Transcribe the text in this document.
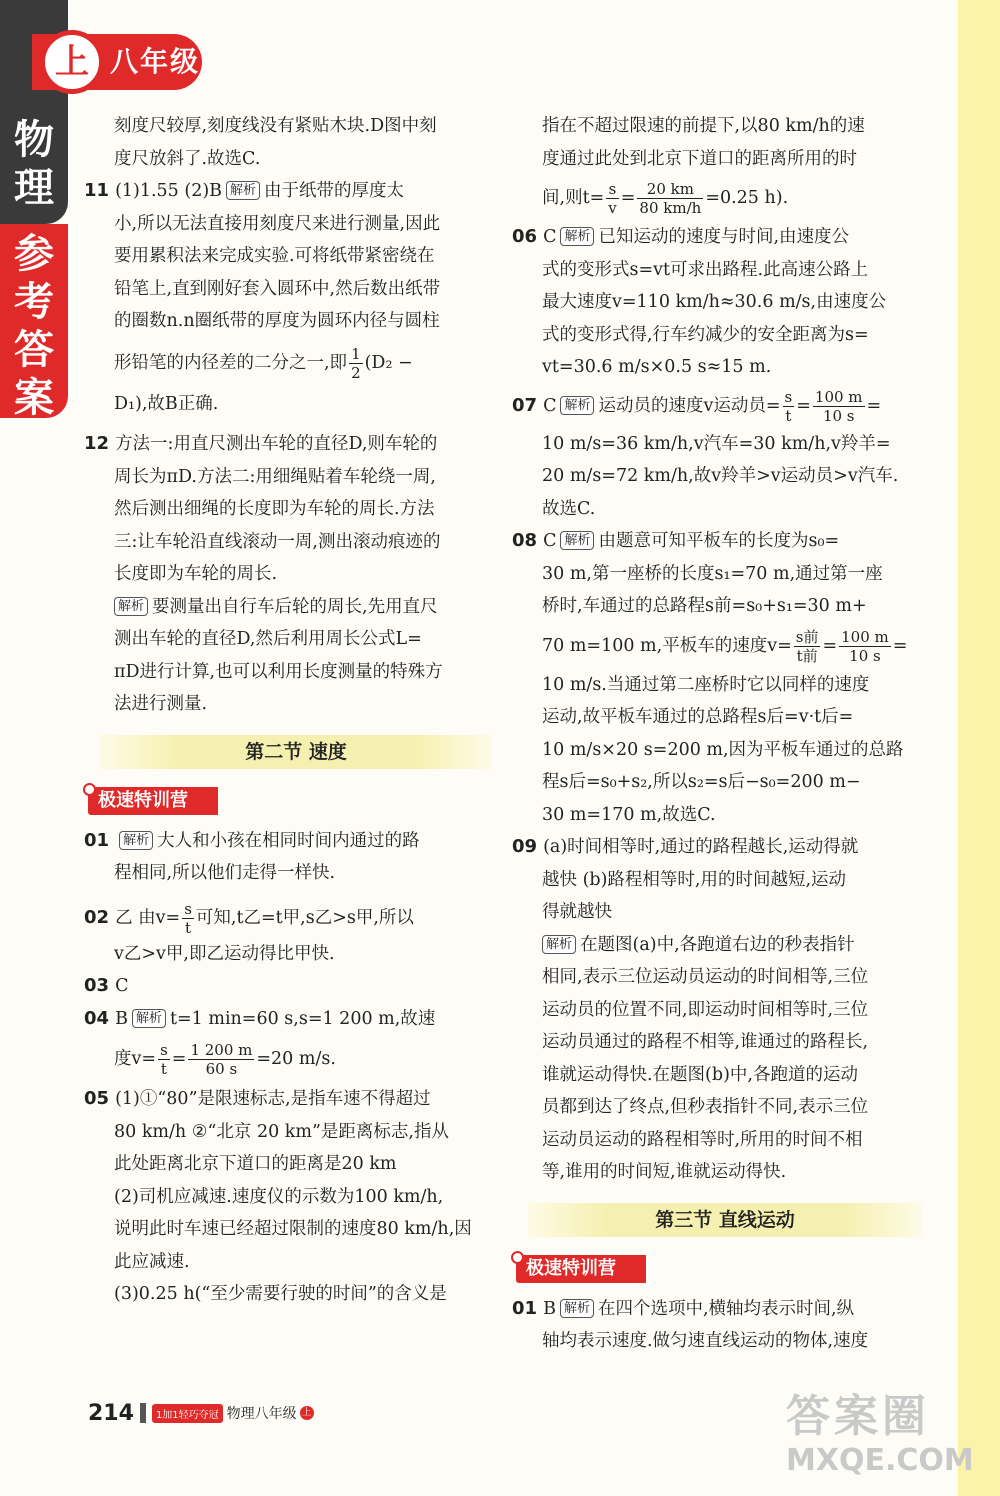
物
理
参
考
答
案
上 八年级

刻度尺较厚,刻度线没有紧贴木块.D图中刻

度尺放斜了.故选C.

11 (1)1.55 (2)B 解析 由于纸带的厚度太

小,所以无法直接用刻度尺来进行测量,因此

要用累积法来完成实验.可将纸带紧密绕在

铅笔上,直到刚好套入圆环中,然后数出纸带

的圈数n.n圈纸带的厚度为圆环内径与圆柱

形铅笔的内径差的二分之一,即 $\frac{1}{2} (D_2$ −

D₁),故B正确.

12 方法一:用直尺测出车轮的直径D,则车轮的

周长为πD.方法二:用细绳贴着车轮绕一周,

然后测出细绳的长度即为车轮的周长.方法

三:让车轮沿直线滚动一周,测出滚动痕迹的

长度即为车轮的周长.

解析 要测量出自行车后轮的周长,先用直尺

测出车轮的直径D,然后利用周长公式L=

πD进行计算,也可以利用长度测量的特殊方

法进行测量.

第二节 速度
极速特训营

01 解析 大人和小孩在相同时间内通过的路

程相同,所以他们走得一样快.

02 乙 由$v= \frac{s}{t}$ 可知,t乙=t甲,s乙>s甲,所以

v乙>v甲,即乙运动得比甲快.

03 C

04 B 解析 t=1 min=60 s,s=1 200 m,故速

度$v= \frac{s}{t} = \frac{1 200 m}{60 s} =20$ m/s.

05 (1)①“80”是限速标志,是指车速不得超过

80 km/h ②“北京 20 km”是距离标志,指从

此处距离北京下道口的距离是20 km

(2)司机应减速.速度仪的示数为100 km/h,

说明此时车速已经超过限制的速度80 km/h,因

此应减速.

(3)0.25 h(“至少需要行驶的时间”的含义是

指在不超过限速的前提下,以80 km/h的速

度通过此处到北京下道口的距离所用的时

间,则$t= \frac{s}{v} = \frac{20 km}{80 km/h} =0.25$ h).

06 C 解析 已知运动的速度与时间,由速度公

式的变形式s=vt可求出路程.此高速公路上

最大速度v=110 km/h≈30.6 m/s,由速度公

式的变形式得,行车约减少的安全距离为s=

vt=30.6 m/s×0.5 s≈15 m.

07 C 解析 运动员的速度v运动员= $\frac{s}{t} = \frac{100 m}{10 s}$ =

10 m/s=36 km/h,v汽车=30 km/h,v羚羊=

20 m/s=72 km/h,故v羚羊>v运动员>v汽车.

故选C.

08 C 解析 由题意可知平板车的长度为s₀=

30 m,第一座桥的长度s₁=70 m,通过第一座

桥时,车通过的总路程s前=s₀+s₁=30 m+

70 m=100 m,平板车的速度$v= \frac{\text{s前}}{\text{t前}} = \frac{100 m}{10 s}$ =

10 m/s.当通过第二座桥时它以同样的速度

运动,故平板车通过的总路程s后=v·t后=

10 m/s×20 s=200 m,因为平板车通过的总路

程s后=s₀+s₂,所以s₂=s后−s₀=200 m−

30 m=170 m,故选C.

09 (a)时间相等时,通过的路程越长,运动得就

越快 (b)路程相等时,用的时间越短,运动

得就越快

解析 在题图(a)中,各跑道右边的秒表指针

相同,表示三位运动员运动的时间相等,三位

运动员的位置不同,即运动时间相等时,三位

运动员通过的路程不相等,谁通过的路程长,

谁就运动得快.在题图(b)中,各跑道的运动

员都到达了终点,但秒表指针不同,表示三位

运动员运动的路程相等时,所用的时间不相

等,谁用的时间短,谁就运动得快.

第三节 直线运动
极速特训营

01 B 解析 在四个选项中,横轴均表示时间,纵

轴均表示速度.做匀速直线运动的物体,速度

214	1加1轻巧夺冠 物理八年级 上	答案圈
MXQE.COM
